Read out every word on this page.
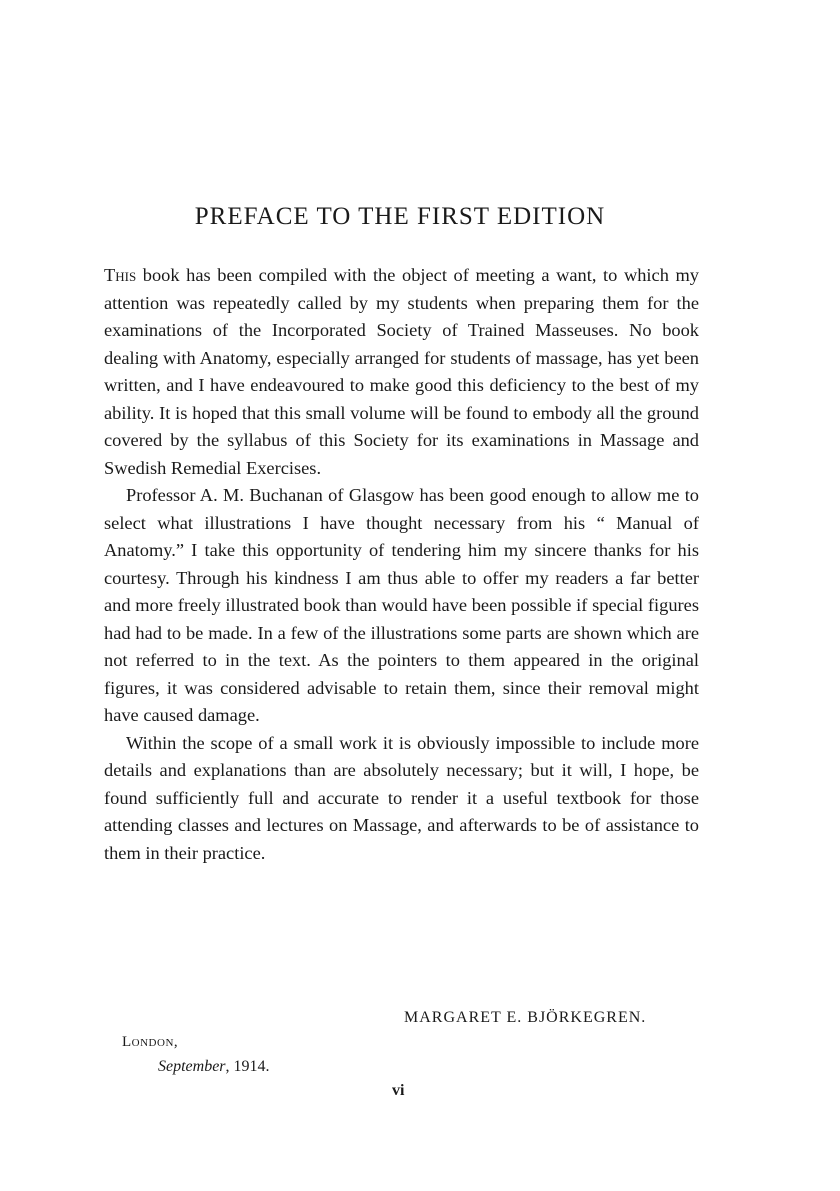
PREFACE TO THE FIRST EDITION

This book has been compiled with the object of meeting a want, to which my attention was repeatedly called by my students when preparing them for the examinations of the Incorporated Society of Trained Masseuses. No book dealing with Anatomy, especially arranged for students of massage, has yet been written, and I have endeavoured to make good this deficiency to the best of my ability. It is hoped that this small volume will be found to embody all the ground covered by the syllabus of this Society for its examinations in Massage and Swedish Remedial Exercises.

Professor A. M. Buchanan of Glasgow has been good enough to allow me to select what illustrations I have thought necessary from his “ Manual of Anatomy.” I take this opportunity of tendering him my sincere thanks for his courtesy. Through his kindness I am thus able to offer my readers a far better and more freely illustrated book than would have been possible if special figures had had to be made. In a few of the illustrations some parts are shown which are not referred to in the text. As the pointers to them appeared in the original figures, it was considered advisable to retain them, since their removal might have caused damage.

Within the scope of a small work it is obviously impossible to include more details and explanations than are absolutely necessary; but it will, I hope, be found sufficiently full and accurate to render it a useful textbook for those attending classes and lectures on Massage, and afterwards to be of assistance to them in their practice.

MARGARET E. BJÖRKEGREN.
London,
September, 1914.
vi
